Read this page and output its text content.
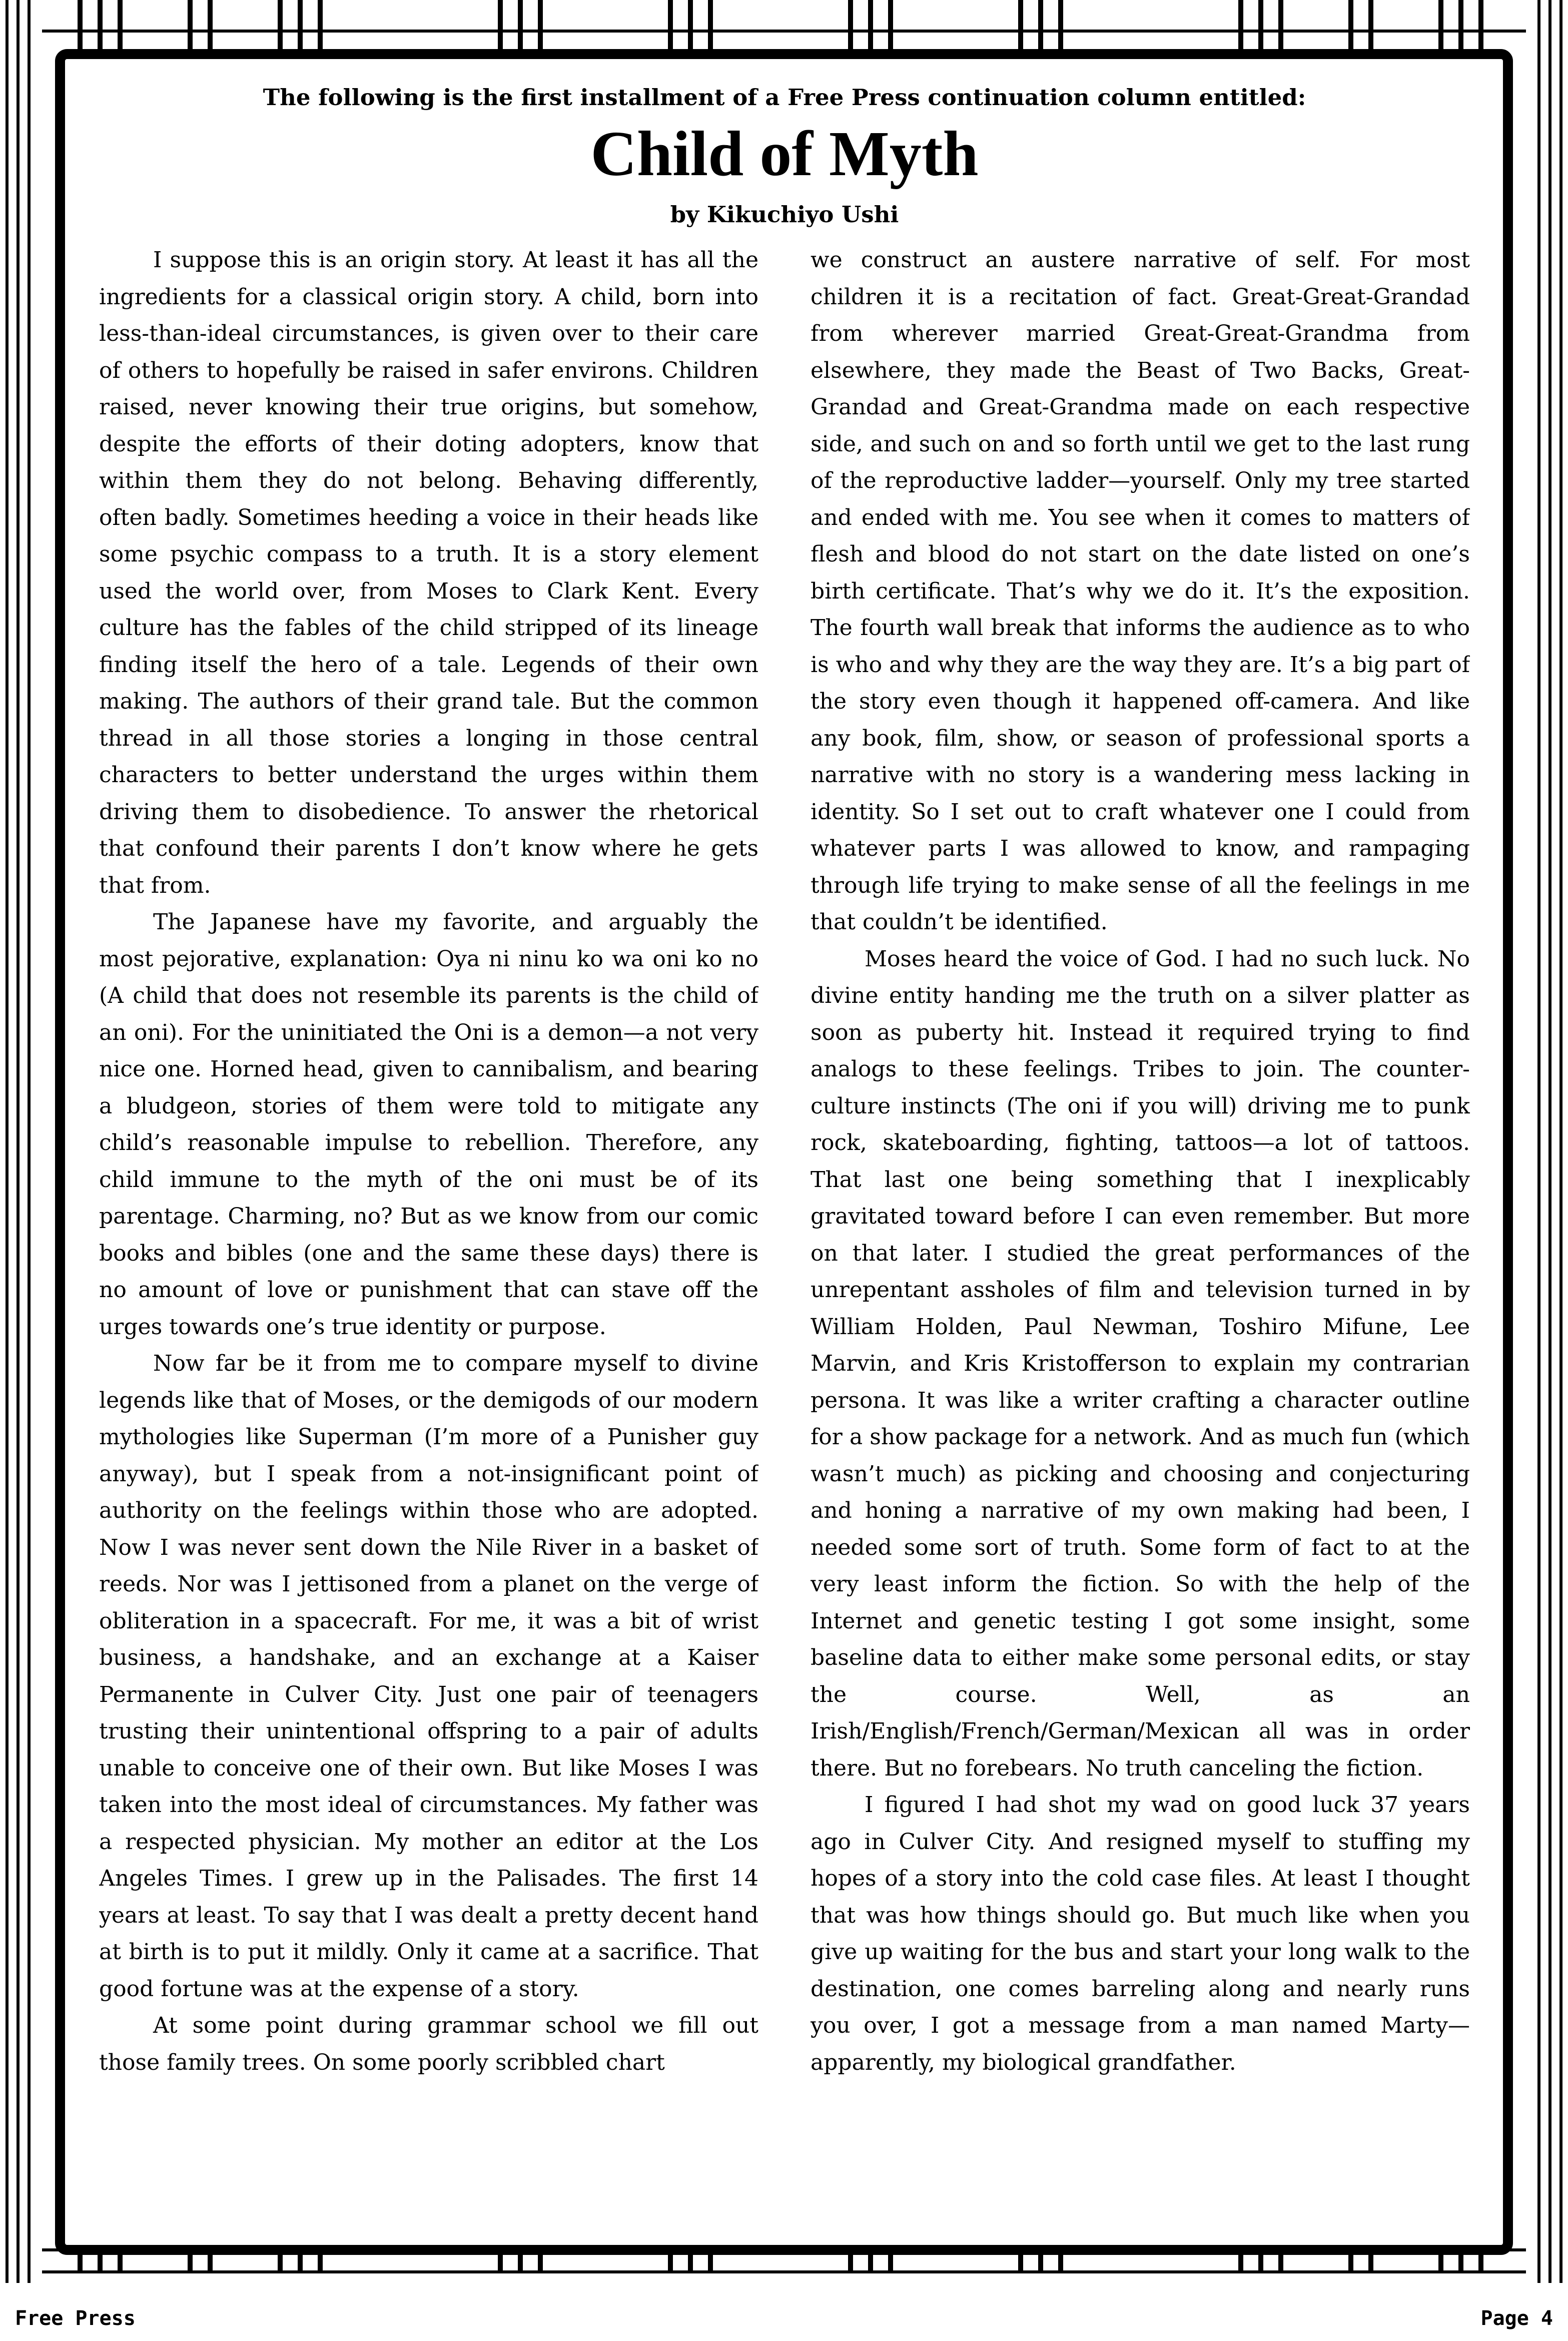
The following is the first installment of a Free Press continuation column entitled:

Child of Myth

by Kikuchiyo Ushi

I suppose this is an origin story. At least it has all the ingredients for a classical origin story. A child, born into less-than-ideal circumstances, is given over to their care of others to hopefully be raised in safer environs. Children raised, never knowing their true origins, but somehow, despite the efforts of their doting adopters, know that within them they do not belong. Behaving differently, often badly. Sometimes heeding a voice in their heads like some psychic compass to a truth. It is a story element used the world over, from Moses to Clark Kent. Every culture has the fables of the child stripped of its lineage finding itself the hero of a tale. Legends of their own making. The authors of their grand tale. But the common thread in all those stories a longing in those central characters to better understand the urges within them driving them to disobedience. To answer the rhetorical that confound their parents I don’t know where he gets that from.

The Japanese have my favorite, and arguably the most pejorative, explanation: Oya ni ninu ko wa oni ko no (A child that does not resemble its parents is the child of an oni). For the uninitiated the Oni is a demon—a not very nice one. Horned head, given to cannibalism, and bearing a bludgeon, stories of them were told to mitigate any child’s reasonable impulse to rebellion. Therefore, any child immune to the myth of the oni must be of its parentage. Charming, no? But as we know from our comic books and bibles (one and the same these days) there is no amount of love or punishment that can stave off the urges towards one’s true identity or purpose.

Now far be it from me to compare myself to divine legends like that of Moses, or the demigods of our modern mythologies like Superman (I’m more of a Punisher guy anyway), but I speak from a not-insignificant point of authority on the feelings within those who are adopted. Now I was never sent down the Nile River in a basket of reeds. Nor was I jettisoned from a planet on the verge of obliteration in a spacecraft. For me, it was a bit of wrist business, a handshake, and an exchange at a Kaiser Permanente in Culver City. Just one pair of teenagers trusting their unintentional offspring to a pair of adults unable to conceive one of their own. But like Moses I was taken into the most ideal of circumstances. My father was a respected physician. My mother an editor at the Los Angeles Times. I grew up in the Palisades. The first 14 years at least. To say that I was dealt a pretty decent hand at birth is to put it mildly. Only it came at a sacrifice. That good fortune was at the expense of a story.

At some point during grammar school we fill out those family trees. On some poorly scribbled chart

we construct an austere narrative of self. For most children it is a recitation of fact. Great-Great-Grandad from wherever married Great-Great-Grandma from elsewhere, they made the Beast of Two Backs, Great-Grandad and Great-Grandma made on each respective side, and such on and so forth until we get to the last rung of the reproductive ladder—yourself. Only my tree started and ended with me. You see when it comes to matters of flesh and blood do not start on the date listed on one’s birth certificate. That’s why we do it. It’s the exposition. The fourth wall break that informs the audience as to who is who and why they are the way they are. It’s a big part of the story even though it happened off-camera. And like any book, film, show, or season of professional sports a narrative with no story is a wandering mess lacking in identity. So I set out to craft whatever one I could from whatever parts I was allowed to know, and rampaging through life trying to make sense of all the feelings in me that couldn’t be identified.

Moses heard the voice of God. I had no such luck. No divine entity handing me the truth on a silver platter as soon as puberty hit. Instead it required trying to find analogs to these feelings. Tribes to join. The counter-culture instincts (The oni if you will) driving me to punk rock, skateboarding, fighting, tattoos—a lot of tattoos. That last one being something that I inexplicably gravitated toward before I can even remember. But more on that later. I studied the great performances of the unrepentant assholes of film and television turned in by William Holden, Paul Newman, Toshiro Mifune, Lee Marvin, and Kris Kristofferson to explain my contrarian persona. It was like a writer crafting a character outline for a show package for a network. And as much fun (which wasn’t much) as picking and choosing and conjecturing and honing a narrative of my own making had been, I needed some sort of truth. Some form of fact to at the very least inform the fiction. So with the help of the Internet and genetic testing I got some insight, some baseline data to either make some personal edits, or stay the course. Well, as an Irish/English/French/German/Mexican all was in order there. But no forebears. No truth canceling the fiction.

I figured I had shot my wad on good luck 37 years ago in Culver City. And resigned myself to stuffing my hopes of a story into the cold case files. At least I thought that was how things should go. But much like when you give up waiting for the bus and start your long walk to the destination, one comes barreling along and nearly runs you over, I got a message from a man named Marty—apparently, my biological grandfather.

Free Press	Page 4
